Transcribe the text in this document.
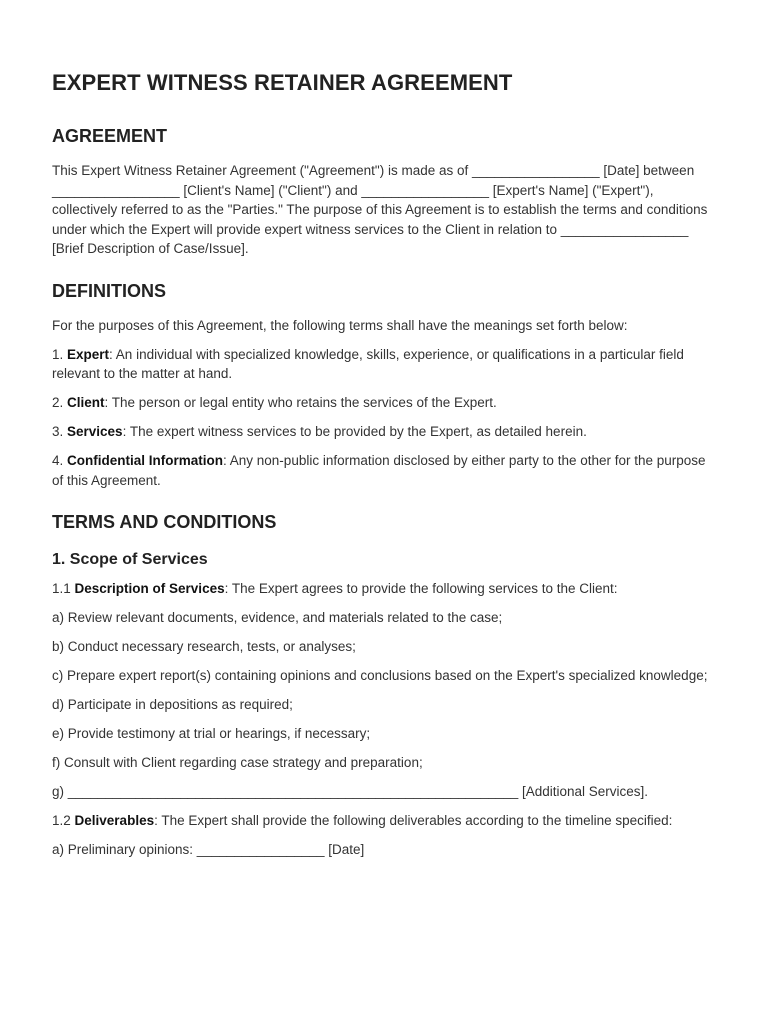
EXPERT WITNESS RETAINER AGREEMENT
AGREEMENT

This Expert Witness Retainer Agreement ("Agreement") is made as of _________________ [Date] between _________________ [Client's Name] ("Client") and _________________ [Expert's Name] ("Expert"), collectively referred to as the "Parties." The purpose of this Agreement is to establish the terms and conditions under which the Expert will provide expert witness services to the Client in relation to _________________ [Brief Description of Case/Issue].

DEFINITIONS

For the purposes of this Agreement, the following terms shall have the meanings set forth below:

1. Expert: An individual with specialized knowledge, skills, experience, or qualifications in a particular field relevant to the matter at hand.

2. Client: The person or legal entity who retains the services of the Expert.

3. Services: The expert witness services to be provided by the Expert, as detailed herein.

4. Confidential Information: Any non-public information disclosed by either party to the other for the purpose of this Agreement.

TERMS AND CONDITIONS
1. Scope of Services

1.1 Description of Services: The Expert agrees to provide the following services to the Client:

a) Review relevant documents, evidence, and materials related to the case;

b) Conduct necessary research, tests, or analyses;

c) Prepare expert report(s) containing opinions and conclusions based on the Expert's specialized knowledge;

d) Participate in depositions as required;

e) Provide testimony at trial or hearings, if necessary;

f) Consult with Client regarding case strategy and preparation;

g) ____________________________________________________________ [Additional Services].

1.2 Deliverables: The Expert shall provide the following deliverables according to the timeline specified:

a) Preliminary opinions: _________________ [Date]
